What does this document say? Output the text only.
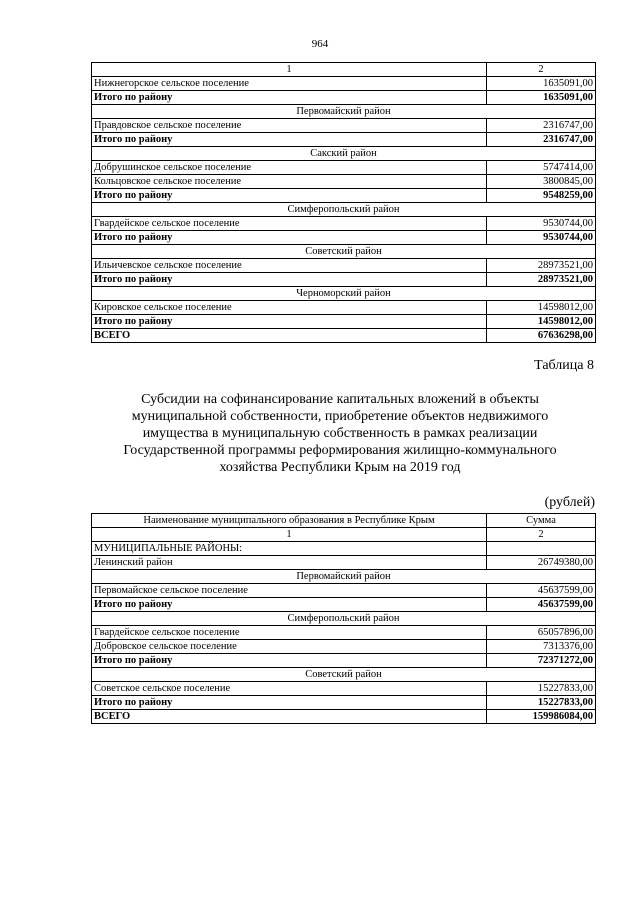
964
1	2
Нижнегорское сельское поселение	1635091,00
Итого по району	1635091,00
Первомайский район	
Правдовское сельское поселение	2316747,00
Итого по району	2316747,00
Сакский район	
Добрушинское сельское поселение	5747414,00
Кольцовское сельское поселение	3800845,00
Итого по району	9548259,00
Симферопольский район	
Гвардейское сельское поселение	9530744,00
Итого по району	9530744,00
Советский район	
Ильичевское сельское поселение	28973521,00
Итого по району	28973521,00
Черноморский район	
Кировское сельское поселение	14598012,00
Итого по району	14598012,00
ВСЕГО	67636298,00
Таблица 8
Субсидии на софинансирование капитальных вложений в объекты
муниципальной собственности, приобретение объектов недвижимого
имущества в муниципальную собственность в рамках реализации
Государственной программы реформирования жилищно-коммунального
хозяйства Республики Крым на 2019 год
(рублей)
Наименование муниципального образования в Республике Крым	Сумма
1	2
МУНИЦИПАЛЬНЫЕ РАЙОНЫ:	
Ленинский район	26749380,00
Первомайский район	
Первомайское сельское поселение	45637599,00
Итого по району	45637599,00
Симферопольский район	
Гвардейское сельское поселение	65057896,00
Добровское сельское поселение	7313376,00
Итого по району	72371272,00
Советский район	
Советское сельское поселение	15227833,00
Итого по району	15227833,00
ВСЕГО	159986084,00
